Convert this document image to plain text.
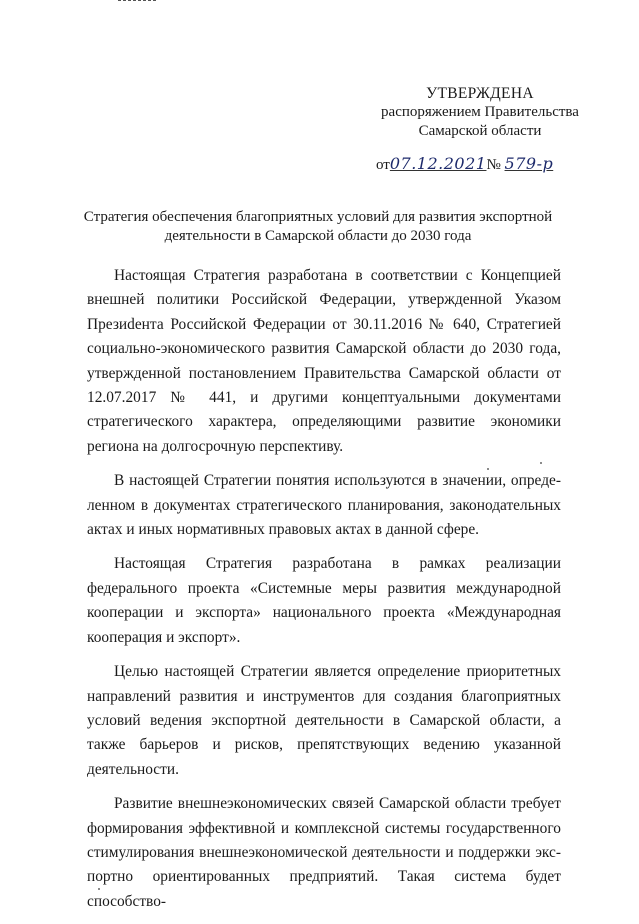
УТВЕРЖДЕНА
распоряжением Правительства
Самарской области
от07.12.2021№ 579-р
Стратегия обеспечения благоприятных условий для развития экспортной
деятельности в Самарской области до 2030 года

Настоящая Стратегия разработана в соответствии с Концепцией внешней политики Российской Федерации, утвержденной Указом Презиdента Российской Федерации от 30.11.2016 № 640, Стратегией социально-экономического развития Самарской области до 2030 года, утвержденной постановлением Правительства Самарской области от 12.07.2017 № 441, и другими концептуальными документами стратегического характера, определяющими развитие экономики региона на долгосрочную перспективу.

В настоящей Стратегии понятия используются в значении, определенном в документах стратегического планирования, законодательных актах и иных нормативных правовых актах в данной сфере.

Настоящая Стратегия разработана в рамках реализации федерального проекта «Системные меры развития международной кооперации и экспорта» национального проекта «Международная кооперация и экспорт».

Целью настоящей Стратегии является определение приоритетных направлений развития и инструментов для создания благоприятных условий ведения экспортной деятельности в Самарской области, а также барьеров и рисков, препятствующих ведению указанной деятельности.

Развитие внешнеэкономических связей Самарской области требует формирования эффективной и комплексной системы государственного стимулирования внешнеэкономической деятельности и поддержки экспортно ориентированных предприятий. Такая система будет способство-
